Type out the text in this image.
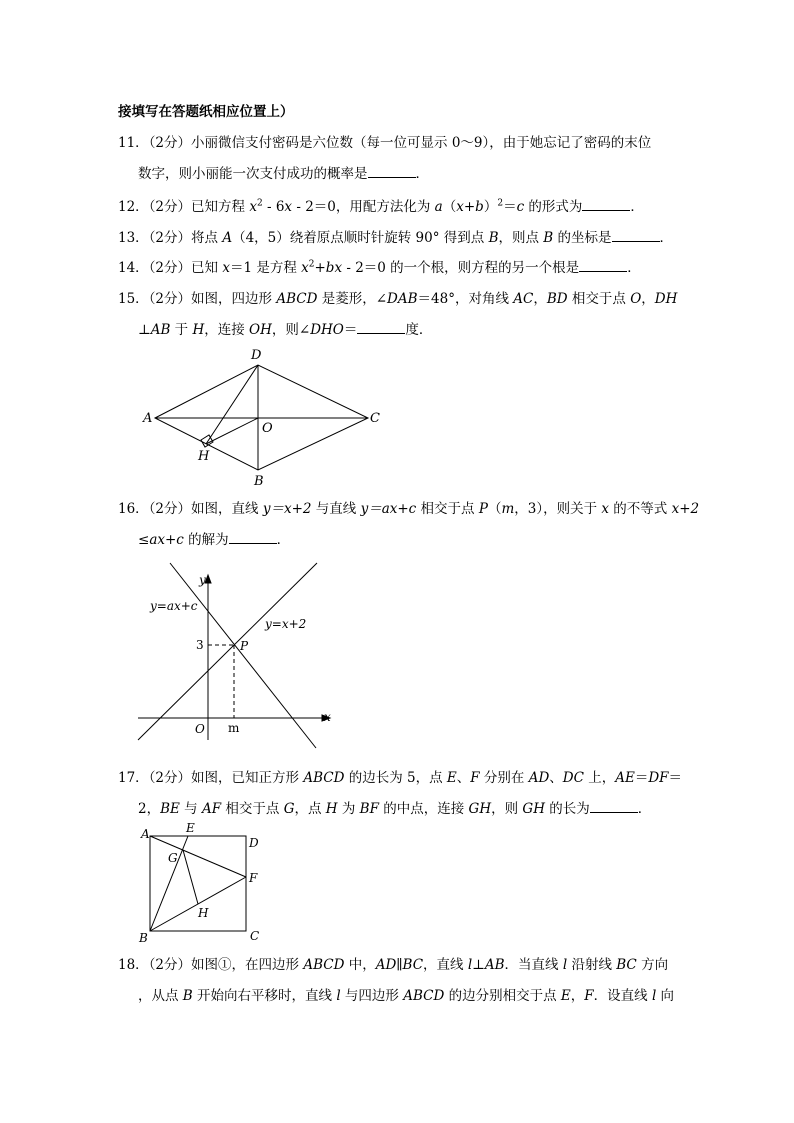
接填写在答题纸相应位置上）
11．（2分）小丽微信支付密码是六位数（每一位可显示 0～9），由于她忘记了密码的末位
数字，则小丽能一次支付成功的概率是	．
12．（2分）已知方程 $x^2 - 6x - 2=0$，用配方法化为 $a(x+b)^2=c$ 的形式为	．
13．（2分）将点 A（4，5）绕着原点顺时针旋转 90° 得到点 B，则点 B 的坐标是	．
14．（2分）已知 x＝1 是方程 $x^2+bx - 2=0$ 的一个根，则方程的另一个根是	．
15．（2分）如图，四边形 ABCD 是菱形，∠DAB＝48°，对角线 AC，BD 相交于点 O，DH
⊥AB 于 H，连接 OH，则∠DHO＝	度．
A
D
C
B
O
H
16．（2分）如图，直线 y＝x+2 与直线 y＝ax+c 相交于点 P（m，3），则关于 x 的不等式 x+2
≤ax+c 的解为	．
y
x
O m
3	P
y=ax+c
y=x+2
17．（2分）如图，已知正方形 ABCD 的边长为 5，点 E、F 分别在 AD、DC 上，AE＝DF＝
2，BE 与 AF 相交于点 G，点 H 为 BF 的中点，连接 GH，则 GH 的长为	．
A	E
D
G
F
H
B	C
18．（2分）如图①，在四边形 ABCD 中，AD∥BC，直线 l⊥AB．当直线 l 沿射线 BC 方向
，从点 B 开始向右平移时，直线 l 与四边形 ABCD 的边分别相交于点 E，F．设直线 l 向
